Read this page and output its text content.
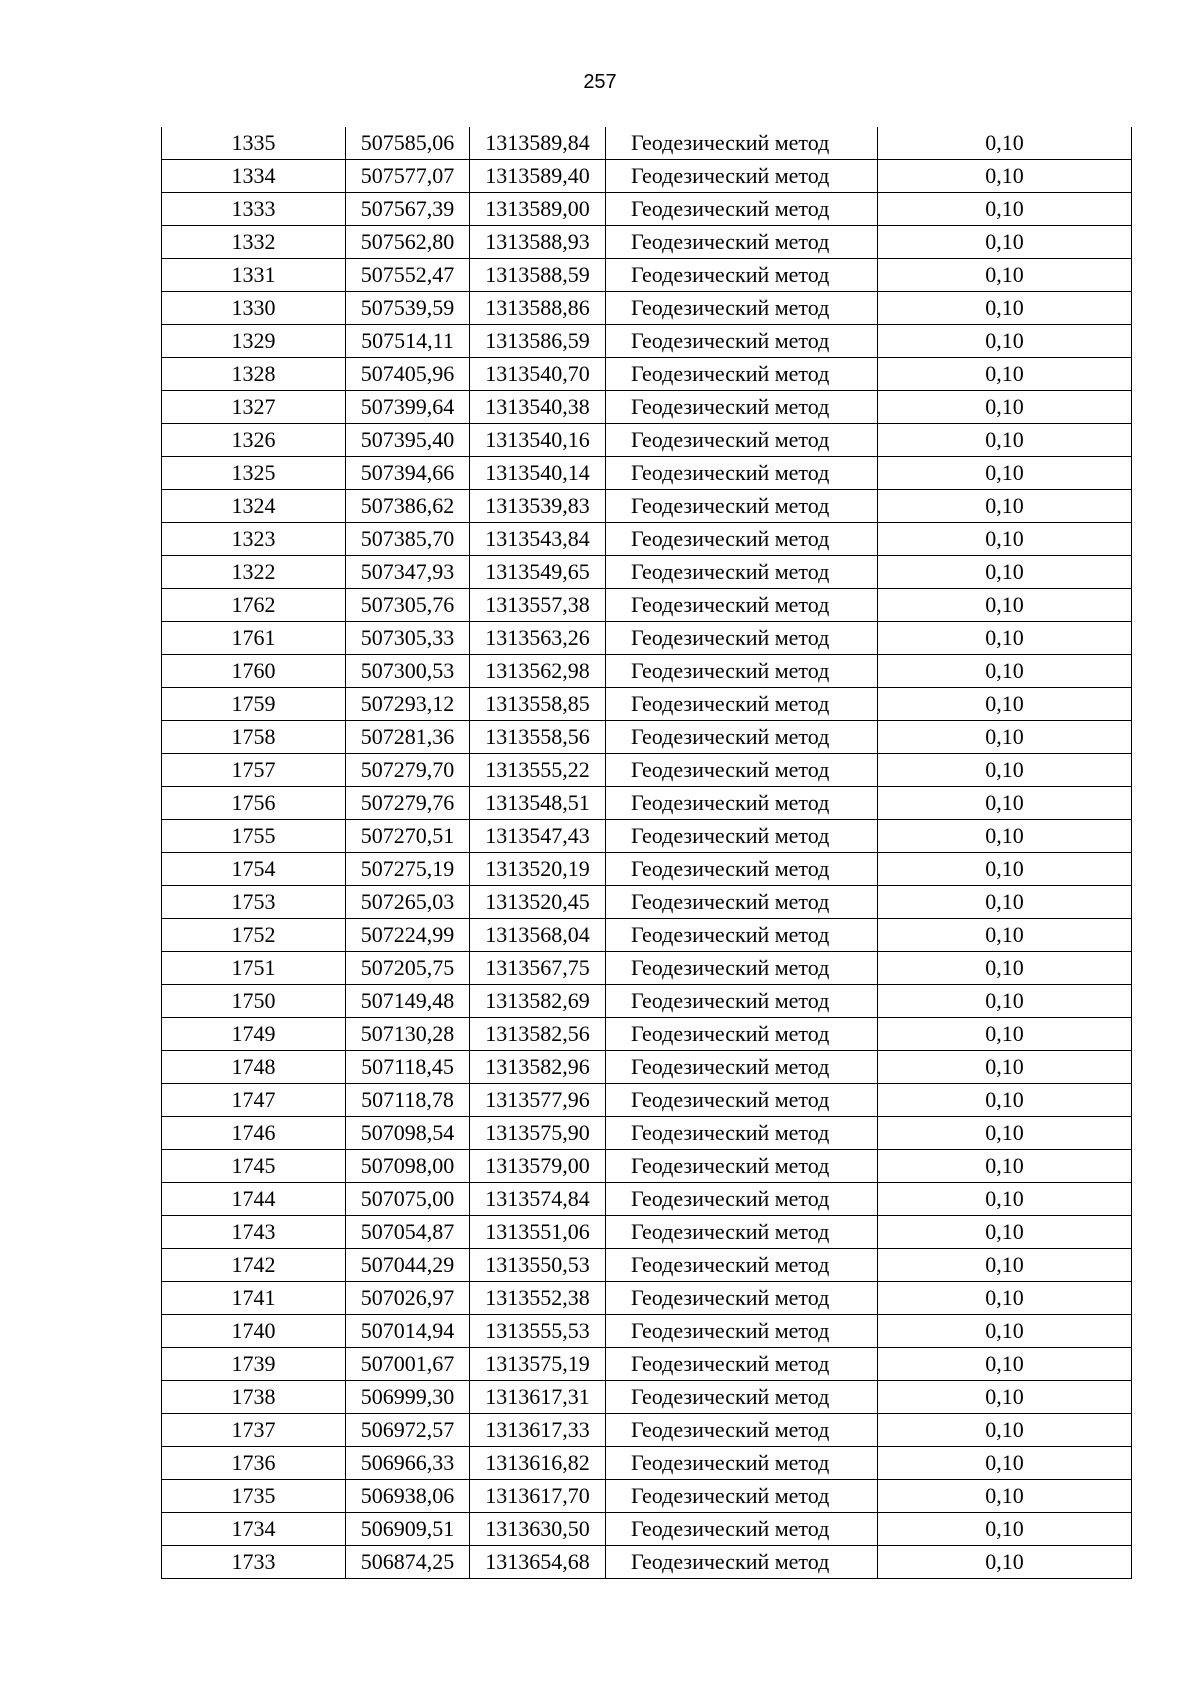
257
1335	507585,06	1313589,84	Геодезический метод	0,10
1334	507577,07	1313589,40	Геодезический метод	0,10
1333	507567,39	1313589,00	Геодезический метод	0,10
1332	507562,80	1313588,93	Геодезический метод	0,10
1331	507552,47	1313588,59	Геодезический метод	0,10
1330	507539,59	1313588,86	Геодезический метод	0,10
1329	507514,11	1313586,59	Геодезический метод	0,10
1328	507405,96	1313540,70	Геодезический метод	0,10
1327	507399,64	1313540,38	Геодезический метод	0,10
1326	507395,40	1313540,16	Геодезический метод	0,10
1325	507394,66	1313540,14	Геодезический метод	0,10
1324	507386,62	1313539,83	Геодезический метод	0,10
1323	507385,70	1313543,84	Геодезический метод	0,10
1322	507347,93	1313549,65	Геодезический метод	0,10
1762	507305,76	1313557,38	Геодезический метод	0,10
1761	507305,33	1313563,26	Геодезический метод	0,10
1760	507300,53	1313562,98	Геодезический метод	0,10
1759	507293,12	1313558,85	Геодезический метод	0,10
1758	507281,36	1313558,56	Геодезический метод	0,10
1757	507279,70	1313555,22	Геодезический метод	0,10
1756	507279,76	1313548,51	Геодезический метод	0,10
1755	507270,51	1313547,43	Геодезический метод	0,10
1754	507275,19	1313520,19	Геодезический метод	0,10
1753	507265,03	1313520,45	Геодезический метод	0,10
1752	507224,99	1313568,04	Геодезический метод	0,10
1751	507205,75	1313567,75	Геодезический метод	0,10
1750	507149,48	1313582,69	Геодезический метод	0,10
1749	507130,28	1313582,56	Геодезический метод	0,10
1748	507118,45	1313582,96	Геодезический метод	0,10
1747	507118,78	1313577,96	Геодезический метод	0,10
1746	507098,54	1313575,90	Геодезический метод	0,10
1745	507098,00	1313579,00	Геодезический метод	0,10
1744	507075,00	1313574,84	Геодезический метод	0,10
1743	507054,87	1313551,06	Геодезический метод	0,10
1742	507044,29	1313550,53	Геодезический метод	0,10
1741	507026,97	1313552,38	Геодезический метод	0,10
1740	507014,94	1313555,53	Геодезический метод	0,10
1739	507001,67	1313575,19	Геодезический метод	0,10
1738	506999,30	1313617,31	Геодезический метод	0,10
1737	506972,57	1313617,33	Геодезический метод	0,10
1736	506966,33	1313616,82	Геодезический метод	0,10
1735	506938,06	1313617,70	Геодезический метод	0,10
1734	506909,51	1313630,50	Геодезический метод	0,10
1733	506874,25	1313654,68	Геодезический метод	0,10
